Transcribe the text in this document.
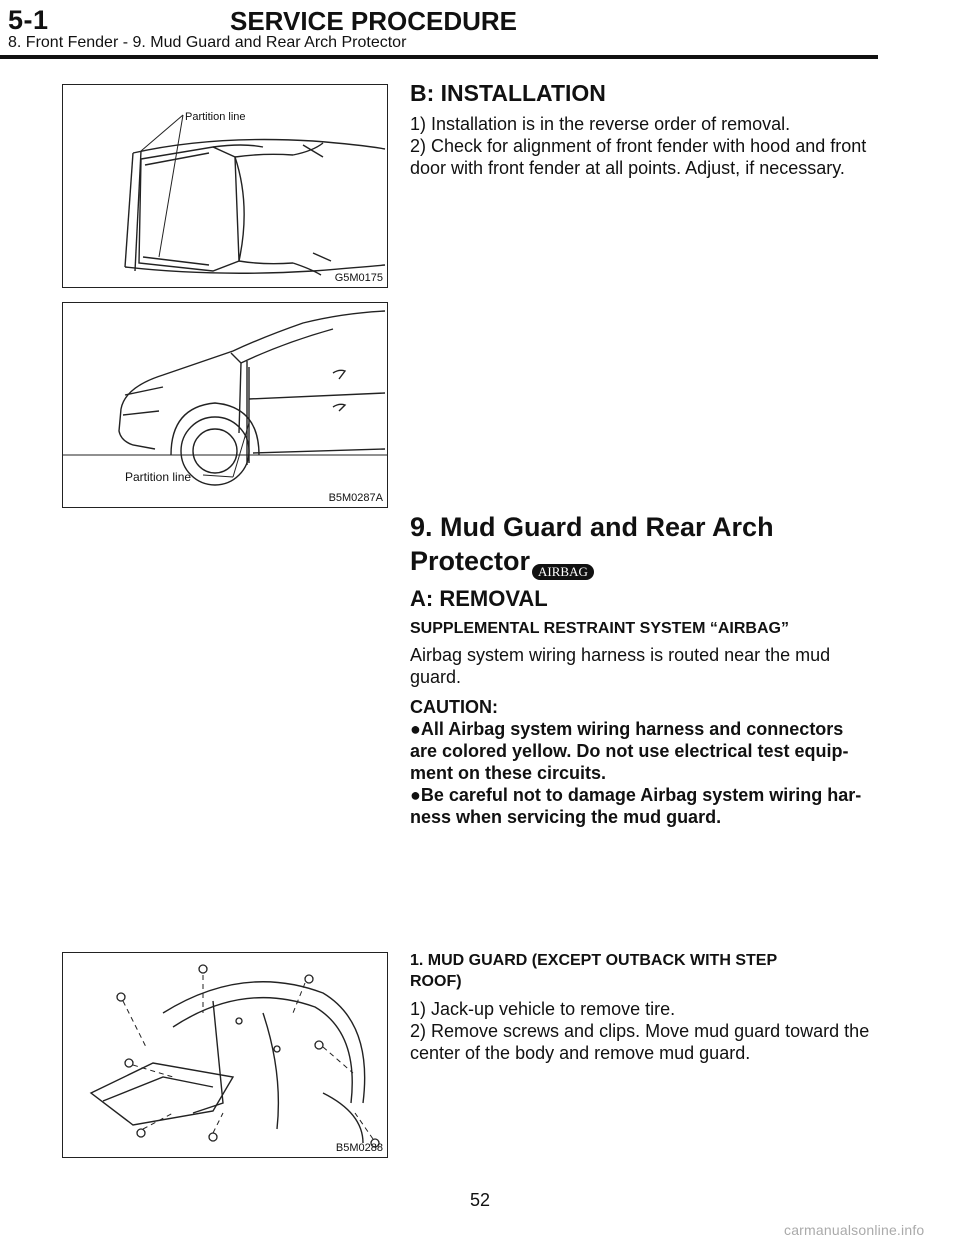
5-1	SERVICE PROCEDURE
8. Front Fender - 9. Mud Guard and Rear Arch Protector
Partition line
G5M0175
Partition line
B5M0287A
B5M0288
B: INSTALLATION

1) Installation is in the reverse order of removal.

2) Check for alignment of front fender with hood and front

door with front fender at all points. Adjust, if necessary.

9. Mud Guard and Rear Arch
Protector AIRBAG
A: REMOVAL

SUPPLEMENTAL RESTRAINT SYSTEM “AIRBAG”

Airbag system wiring harness is routed near the mud

guard.

CAUTION:

●All Airbag system wiring harness and connectors

are colored yellow. Do not use electrical test equip-

ment on these circuits.

●Be careful not to damage Airbag system wiring har-

ness when servicing the mud guard.

1. MUD GUARD (EXCEPT OUTBACK WITH STEP

ROOF)

1) Jack-up vehicle to remove tire.

2) Remove screws and clips. Move mud guard toward the

center of the body and remove mud guard.

52
carmanualsonline.info
